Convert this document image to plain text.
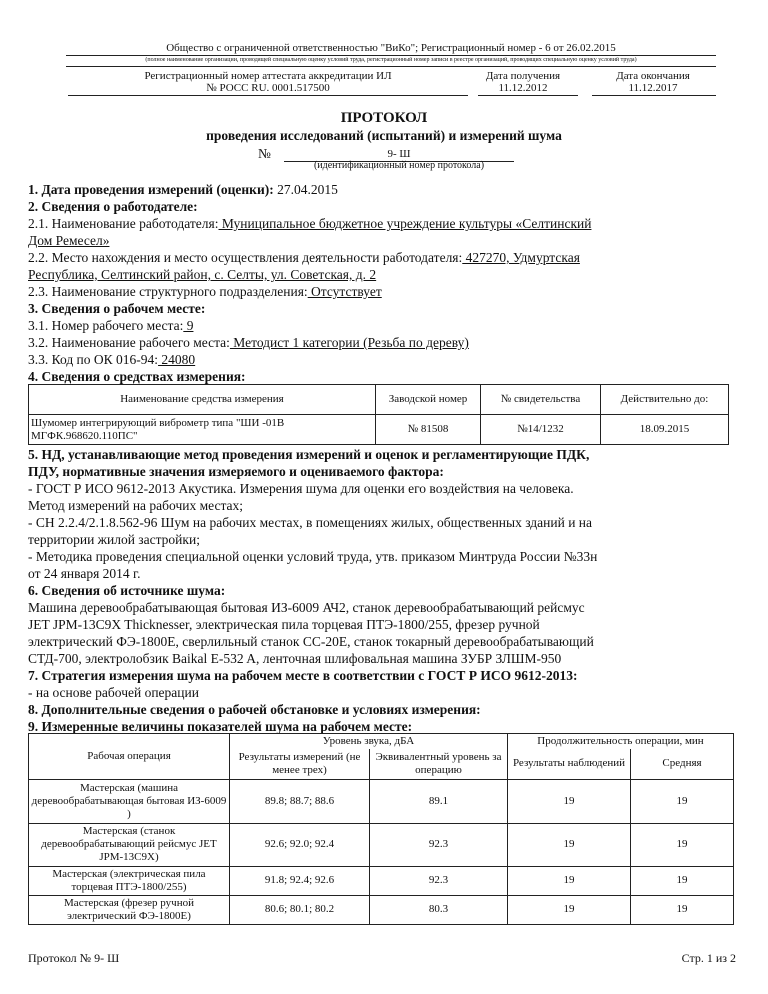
Общество с ограниченной ответственностью "ВиКо"; Регистрационный номер - 6 от 26.02.2015
(полное наименование организации, проводящей специальную оценку условий труда, регистрационный номер записи в реестре организаций, проводящих специальную оценку условий труда)
Регистрационный номер аттестата аккредитации ИЛ
№ РОСС RU. 0001.517500
Дата получения
11.12.2012
Дата окончания
11.12.2017
ПРОТОКОЛ
проведения исследований (испытаний) и измерений шума
№	9- Ш
(идентификационный номер протокола)
1. Дата проведения измерений (оценки): 27.04.2015
2. Сведения о работодателе:
2.1. Наименование работодателя: Муниципальное бюджетное учреждение культуры «Селтинский
Дом Ремесел»
2.2. Место нахождения и место осуществления деятельности работодателя: 427270, Удмуртская
Республика, Селтинский район, с. Селты, ул. Советская, д. 2
2.3. Наименование структурного подразделения: Отсутствует
3. Сведения о рабочем месте:
3.1. Номер рабочего места: 9
3.2. Наименование рабочего места: Методист 1 категории (Резьба по дереву)
3.3. Код по ОК 016-94: 24080
4. Сведения о средствах измерения:
Наименование средства измерения	Заводской номер	№ свидетельства	Действительно до:
Шумомер интегрирующий виброметр типа "ШИ -01В МГФК.968620.110ПС"	№ 81508	№14/1232	18.09.2015
5. НД, устанавливающие метод проведения измерений и оценок и регламентирующие ПДК,
ПДУ, нормативные значения измеряемого и оцениваемого фактора:
- ГОСТ Р ИСО 9612-2013 Акустика. Измерения шума для оценки его воздействия на человека.
Метод измерений на рабочих местах;
- СН 2.2.4/2.1.8.562-96 Шум на рабочих местах, в помещениях жилых, общественных зданий и на
территории жилой застройки;
- Методика проведения специальной оценки условий труда, утв. приказом Минтруда России №33н
от 24 января 2014 г.
6. Сведения об источнике шума:
Машина деревообрабатывающая бытовая ИЗ-6009 АЧ2, станок деревообрабатывающий рейсмус
JET JPM-13C9X Thicknesser, электрическая пила торцевая ПТЭ-1800/255, фрезер ручной
электрический ФЭ-1800Е, сверлильный станок СС-20Е, станок токарный деревообрабатывающий
СТД-700, электролобзик Baikal E-532 A, ленточная шлифовальная машина ЗУБР ЗЛШМ-950
7. Стратегия измерения шума на рабочем месте в соответствии с ГОСТ Р ИСО 9612-2013:
- на основе рабочей операции
8. Дополнительные сведения о рабочей обстановке и условиях измерения:
9. Измеренные величины показателей шума на рабочем месте:
Рабочая операция	Уровень звука, дБА		Продолжительность операции, мин	
	Результаты измерений (не менее трех)	Эквивалентный уровень за операцию	Результаты наблюдений	Средняя
Мастерская (машина деревообрабатывающая бытовая ИЗ-6009 )	89.8; 88.7; 88.6	89.1	19	19
Мастерская (станок деревообрабатывающий рейсмус JET JPM-13C9X)	92.6; 92.0; 92.4	92.3	19	19
Мастерская (электрическая пила торцевая ПТЭ-1800/255)	91.8; 92.4; 92.6	92.3	19	19
Мастерская (фрезер ручной электрический ФЭ-1800Е)	80.6; 80.1; 80.2	80.3	19	19
Протокол № 9- Ш	Стр. 1 из 2
